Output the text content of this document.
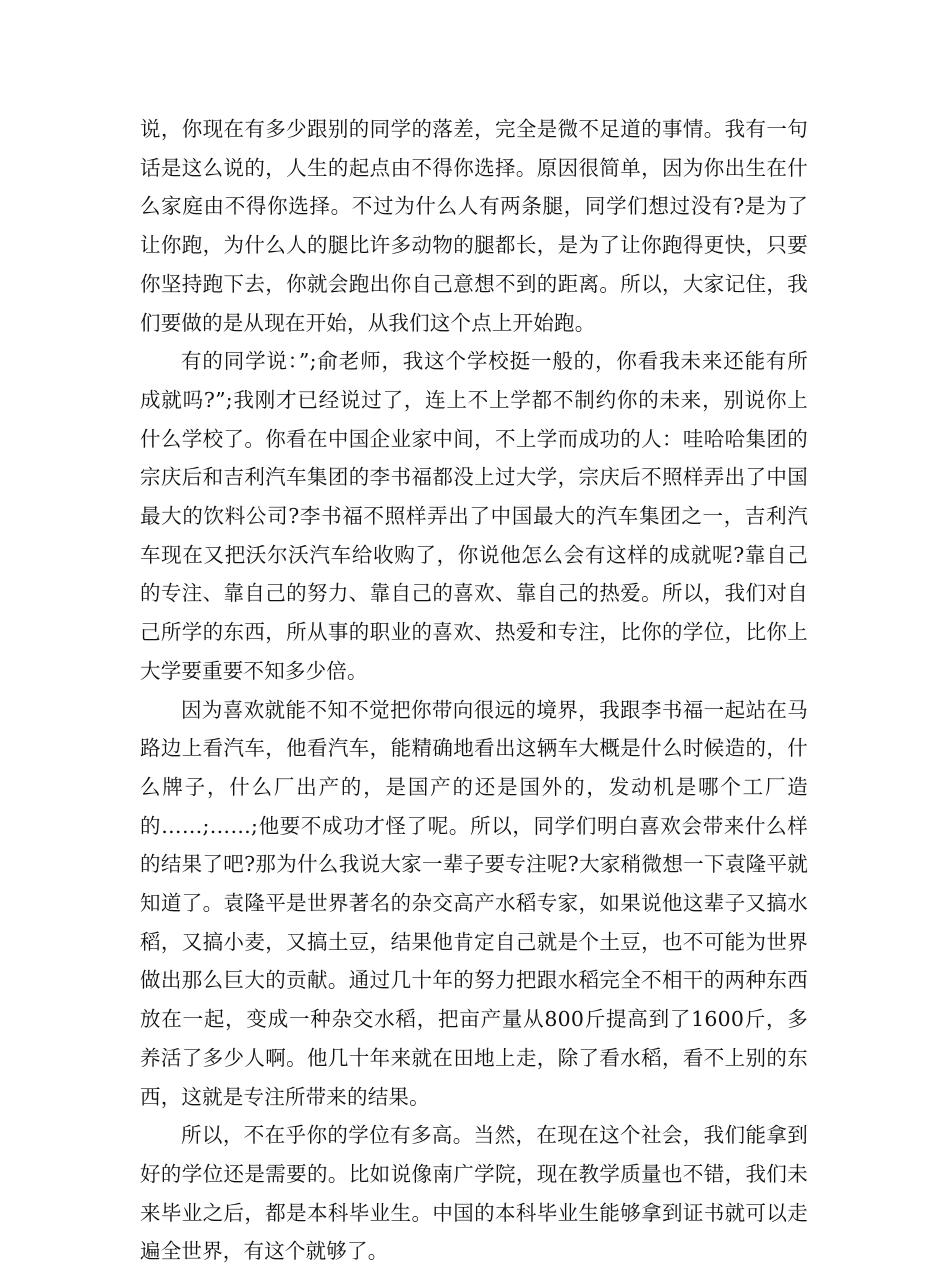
说，你现在有多少跟别的同学的落差，完全是微不足道的事情。我有一句话是这么说的，人生的起点由不得你选择。原因很简单，因为你出生在什么家庭由不得你选择。不过为什么人有两条腿，同学们想过没有?是为了让你跑，为什么人的腿比许多动物的腿都长，是为了让你跑得更快，只要你坚持跑下去，你就会跑出你自己意想不到的距离。所以，大家记住，我们要做的是从现在开始，从我们这个点上开始跑。

有的同学说：”;俞老师，我这个学校挺一般的，你看我未来还能有所成就吗?”;我刚才已经说过了，连上不上学都不制约你的未来，别说你上什么学校了。你看在中国企业家中间，不上学而成功的人：哇哈哈集团的宗庆后和吉利汽车集团的李书福都没上过大学，宗庆后不照样弄出了中国最大的饮料公司?李书福不照样弄出了中国最大的汽车集团之一，吉利汽车现在又把沃尔沃汽车给收购了，你说他怎么会有这样的成就呢?靠自己的专注、靠自己的努力、靠自己的喜欢、靠自己的热爱。所以，我们对自己所学的东西，所从事的职业的喜欢、热爱和专注，比你的学位，比你上大学要重要不知多少倍。

因为喜欢就能不知不觉把你带向很远的境界，我跟李书福一起站在马路边上看汽车，他看汽车，能精确地看出这辆车大概是什么时候造的，什么牌子，什么厂出产的，是国产的还是国外的，发动机是哪个工厂造的……;……;他要不成功才怪了呢。所以，同学们明白喜欢会带来什么样的结果了吧?那为什么我说大家一辈子要专注呢?大家稍微想一下袁隆平就知道了。袁隆平是世界著名的杂交高产水稻专家，如果说他这辈子又搞水稻，又搞小麦，又搞土豆，结果他肯定自己就是个土豆，也不可能为世界做出那么巨大的贡献。通过几十年的努力把跟水稻完全不相干的两种东西放在一起，变成一种杂交水稻，把亩产量从800斤提高到了1600斤，多养活了多少人啊。他几十年来就在田地上走，除了看水稻，看不上别的东西，这就是专注所带来的结果。

所以，不在乎你的学位有多高。当然，在现在这个社会，我们能拿到好的学位还是需要的。比如说像南广学院，现在教学质量也不错，我们未来毕业之后，都是本科毕业生。中国的本科毕业生能够拿到证书就可以走遍全世界，有这个就够了。
